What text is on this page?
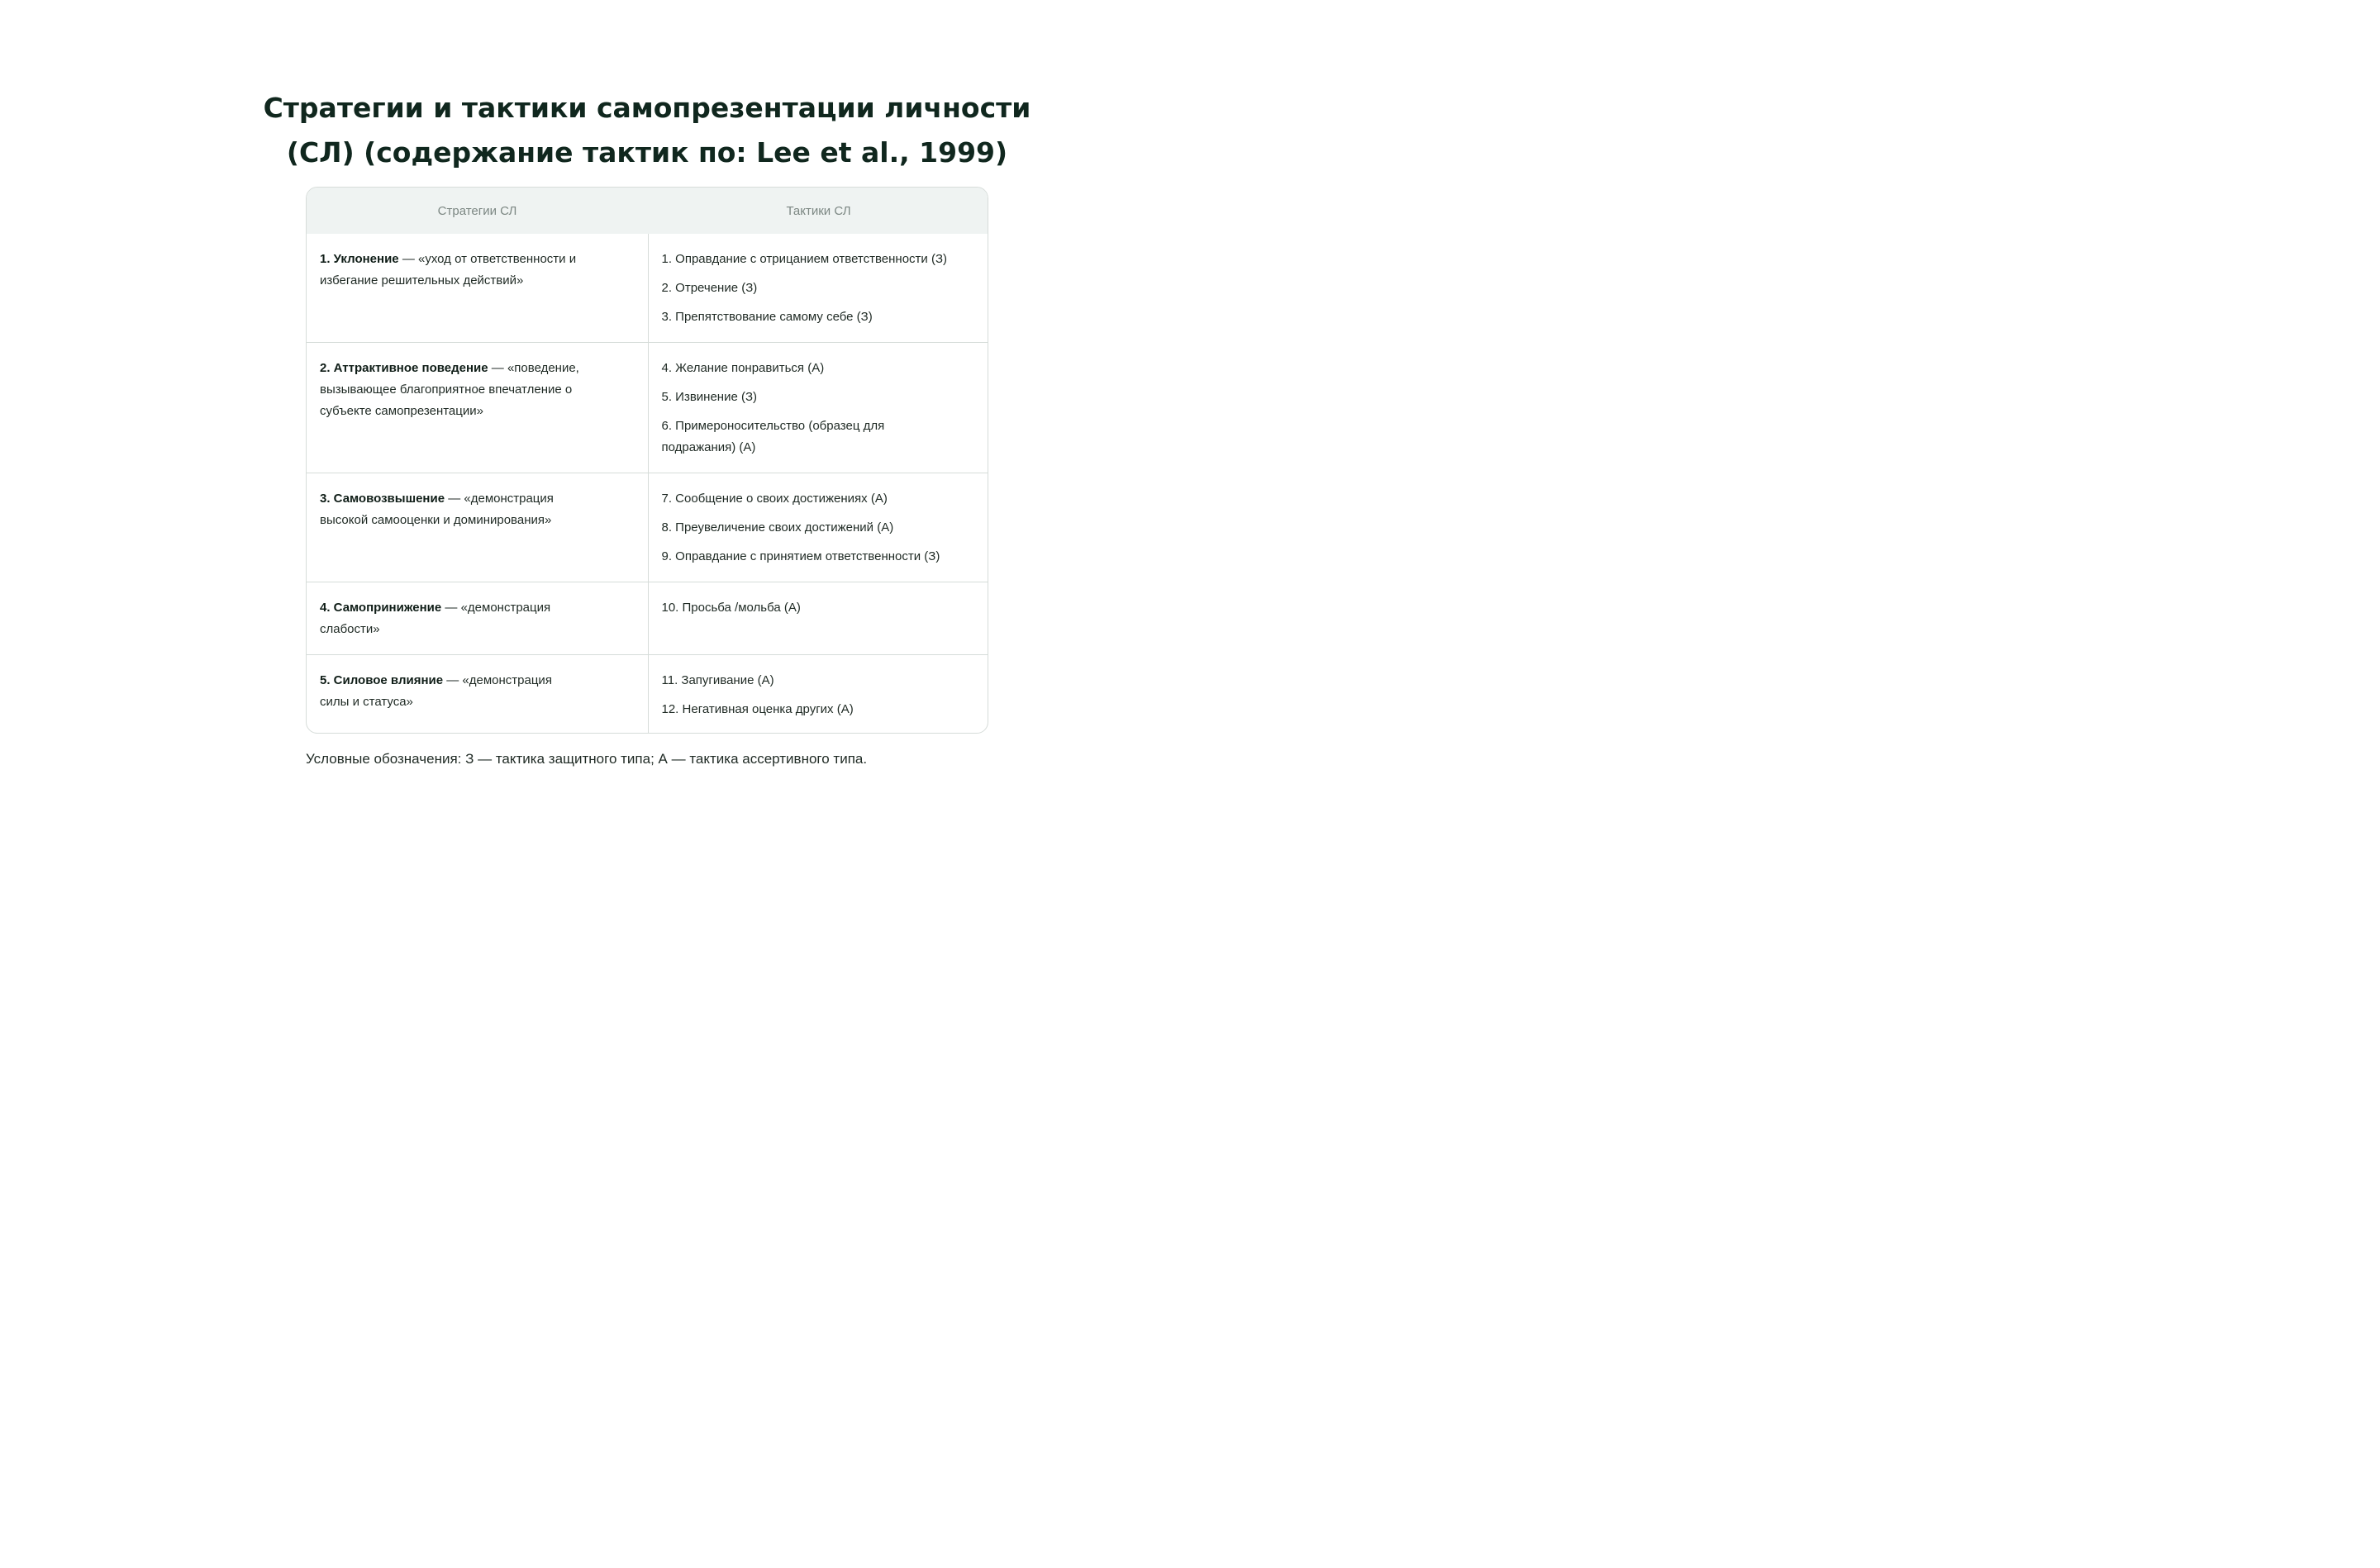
Стратегии и тактики самопрезентации личности
(СЛ) (содержание тактик по: Lee et al., 1999)
Стратегии СЛ	Тактики СЛ

1. Уклонение — «уход от ответственности и избегание решительных действий»	1. Оправдание с отрицанием ответственности (З)
2. Отречение (З)
3. Препятствование самому себе (З)

2. Аттрактивное поведение — «поведение, вызывающее благоприятное впечатление о субъекте самопрезентации»	4. Желание понравиться (А)
5. Извинение (З)
6. Примероносительство (образец для подражания) (А)

3. Самовозвышение — «демонстрация высокой самооценки и доминирования»	7. Сообщение о своих достижениях (А)
8. Преувеличение своих достижений (А)
9. Оправдание с принятием ответственности (З)

4. Самопринижение — «демонстрация слабости»	10. Просьба /мольба (А)

5. Силовое влияние — «демонстрация силы и статуса»	11. Запугивание (А)
12. Негативная оценка других (А)
Условные обозначения: З — тактика защитного типа; А — тактика ассертивного типа.
